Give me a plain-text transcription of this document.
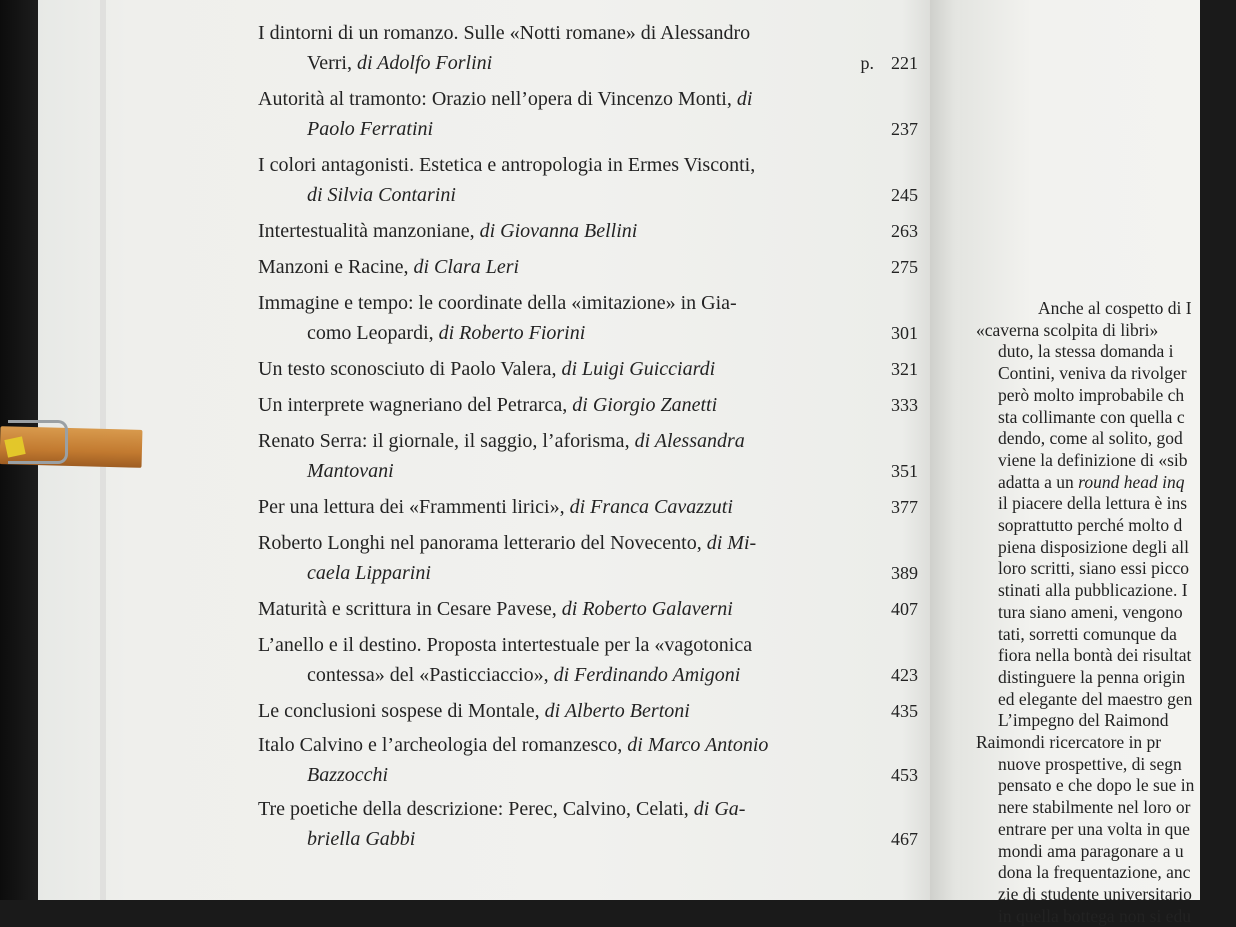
I dintorni di un romanzo. Sulle «Notti romane» di Alessandro
Verri, di Adolfo Forlini	p. 221
Autorità al tramonto: Orazio nell’opera di Vincenzo Monti, di
Paolo Ferratini	237
I colori antagonisti. Estetica e antropologia in Ermes Visconti,
di Silvia Contarini	245
Intertestualità manzoniane, di Giovanna Bellini	263
Manzoni e Racine, di Clara Leri	275
Immagine e tempo: le coordinate della «imitazione» in Gia-
como Leopardi, di Roberto Fiorini	301
Un testo sconosciuto di Paolo Valera, di Luigi Guicciardi	321
Un interprete wagneriano del Petrarca, di Giorgio Zanetti	333
Renato Serra: il giornale, il saggio, l’aforisma, di Alessandra
Mantovani	351
Per una lettura dei «Frammenti lirici», di Franca Cavazzuti	377
Roberto Longhi nel panorama letterario del Novecento, di Mi-
caela Lipparini	389
Maturità e scrittura in Cesare Pavese, di Roberto Galaverni	407
L’anello e il destino. Proposta intertestuale per la «vagotonica
contessa» del «Pasticciaccio», di Ferdinando Amigoni	423
Le conclusioni sospese di Montale, di Alberto Bertoni	435
Italo Calvino e l’archeologia del romanzesco, di Marco Antonio
Bazzocchi	453
Tre poetiche della descrizione: Perec, Calvino, Celati, di Ga-
briella Gabbi	467
Anche al cospetto di I
«caverna scolpita di libri»
duto, la stessa domanda i
Contini, veniva da rivolger
però molto improbabile ch
sta collimante con quella c
dendo, come al solito, god
viene la definizione di «sib
adatta a un round head inq
il piacere della lettura è ins
soprattutto perché molto d
piena disposizione degli all
loro scritti, siano essi picco
stinati alla pubblicazione. I
tura siano ameni, vengono
tati, sorretti comunque da
fiora nella bontà dei risultat
distinguere la penna origin
ed elegante del maestro gen
L’impegno del Raimond
Raimondi ricercatore in pr
nuove prospettive, di segn
pensato e che dopo le sue in
nere stabilmente nel loro or
entrare per una volta in que
mondi ama paragonare a u
dona la frequentazione, anc
zie di studente universitario
in quella bottega non si edu
